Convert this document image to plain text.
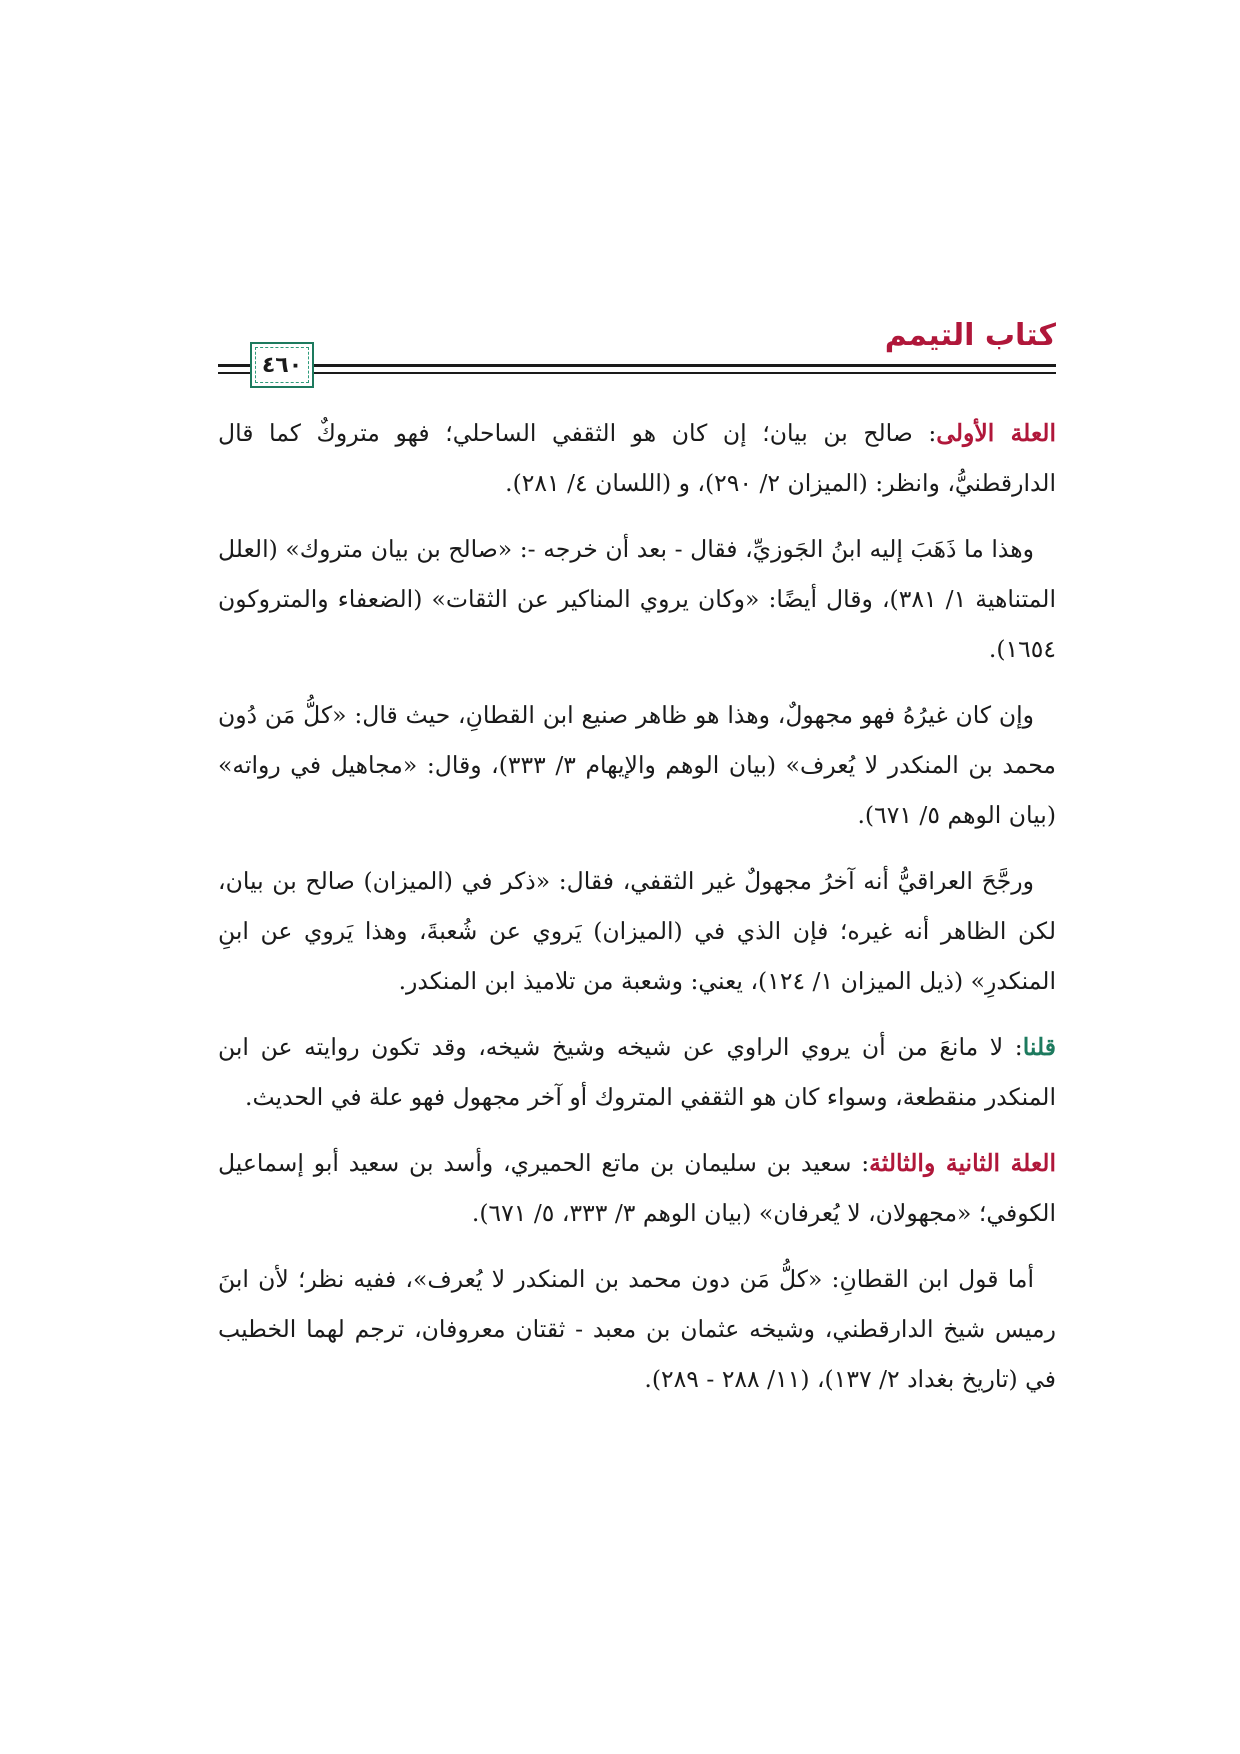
كتاب التيمم
٤٦٠

العلة الأولى: صالح بن بيان؛ إن كان هو الثقفي الساحلي؛ فهو متروكٌ كما قال الدارقطنيُّ، وانظر: (الميزان ٢/ ٢٩٠)، و (اللسان ٤/ ٢٨١).

وهذا ما ذَهَبَ إليه ابنُ الجَوزيِّ، فقال - بعد أن خرجه -: «صالح بن بيان متروك» (العلل المتناهية ١/ ٣٨١)، وقال أيضًا: «وكان يروي المناكير عن الثقات» (الضعفاء والمتروكون ١٦٥٤).

وإن كان غيرُهُ فهو مجهولٌ، وهذا هو ظاهر صنيع ابن القطانِ، حيث قال: «كلُّ مَن دُون محمد بن المنكدر لا يُعرف» (بيان الوهم والإيهام ٣/ ٣٣٣)، وقال: «مجاهيل في رواته» (بيان الوهم ٥/ ٦٧١).

ورجَّحَ العراقيُّ أنه آخرُ مجهولٌ غير الثقفي، فقال: «ذكر في (الميزان) صالح بن بيان، لكن الظاهر أنه غيره؛ فإن الذي في (الميزان) يَروي عن شُعبةَ، وهذا يَروي عن ابنِ المنكدرِ» (ذيل الميزان ١/ ١٢٤)، يعني: وشعبة من تلاميذ ابن المنكدر.

قلنا: لا مانعَ من أن يروي الراوي عن شيخه وشيخ شيخه، وقد تكون روايته عن ابن المنكدر منقطعة، وسواء كان هو الثقفي المتروك أو آخر مجهول فهو علة في الحديث.

العلة الثانية والثالثة: سعيد بن سليمان بن ماتع الحميري، وأسد بن سعيد أبو إسماعيل الكوفي؛ «مجهولان، لا يُعرفان» (بيان الوهم ٣/ ٣٣٣، ٥/ ٦٧١).

أما قول ابن القطانِ: «كلُّ مَن دون محمد بن المنكدر لا يُعرف»، ففيه نظر؛ لأن ابنَ رميس شيخ الدارقطني، وشيخه عثمان بن معبد - ثقتان معروفان، ترجم لهما الخطيب في (تاريخ بغداد ٢/ ١٣٧)، (١١/ ٢٨٨ - ٢٨٩).
